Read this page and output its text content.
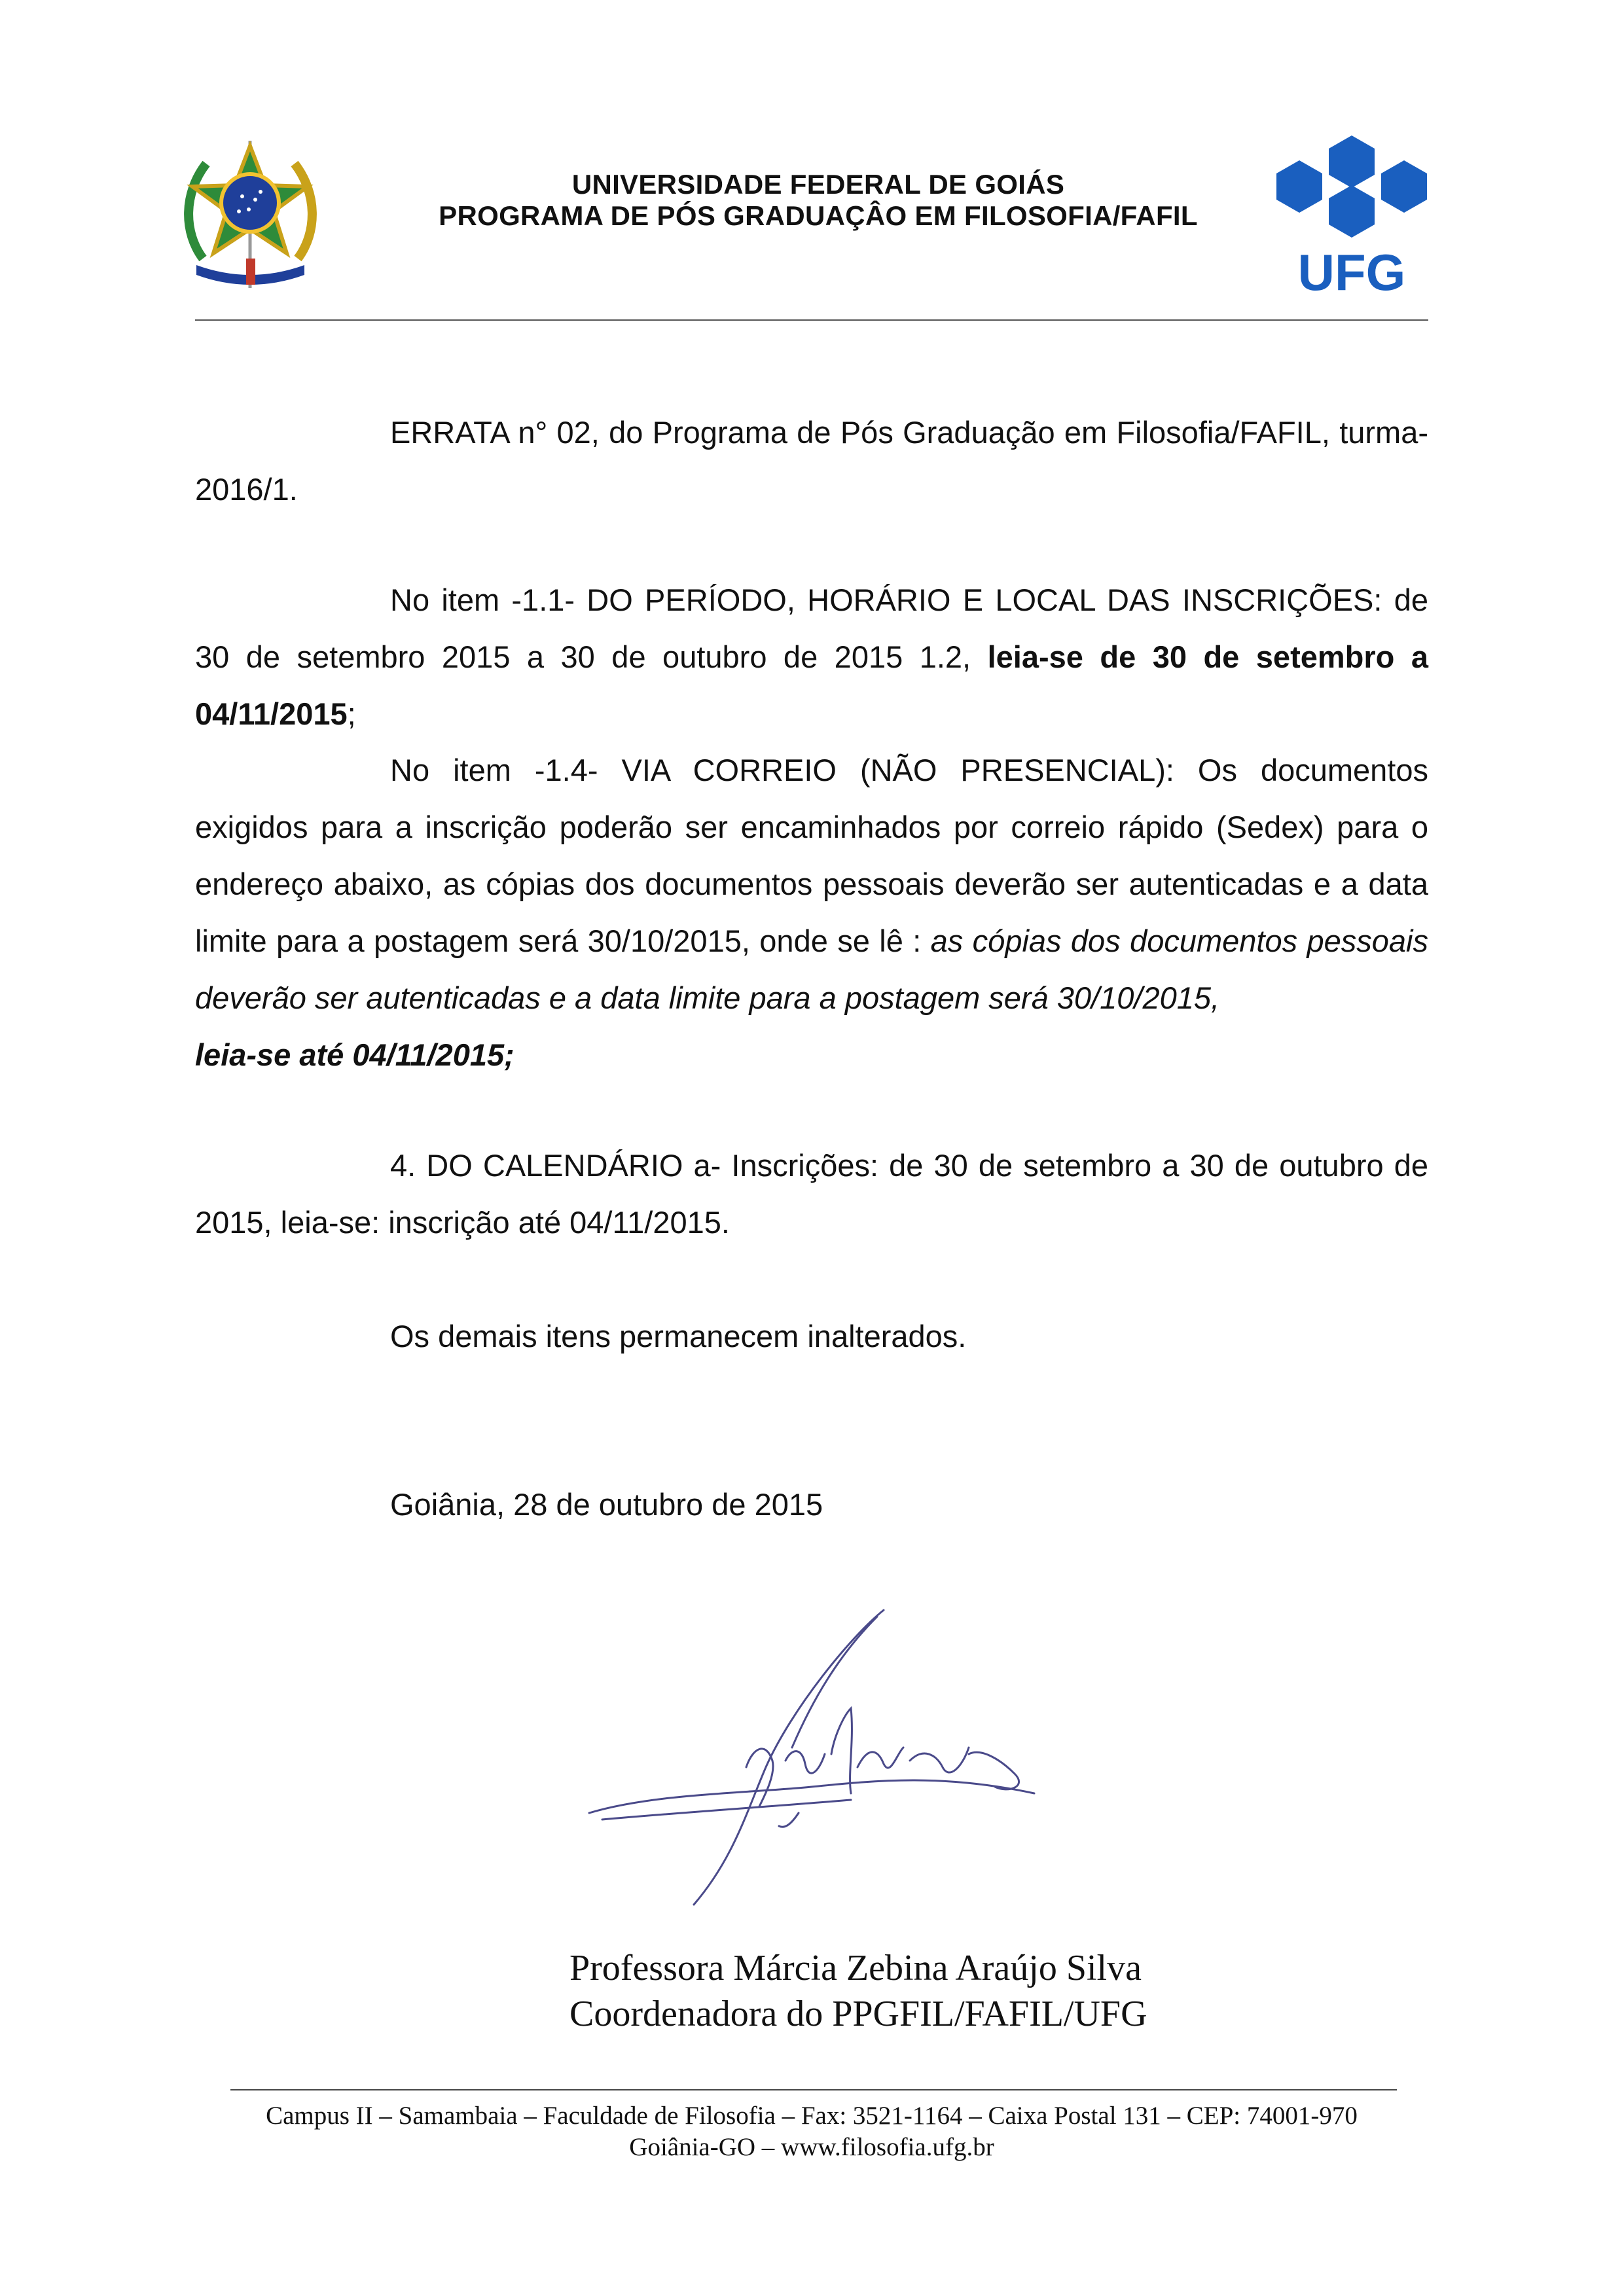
UNIVERSIDADE FEDERAL DE GOIÁS
PROGRAMA DE PÓS GRADUAÇÂO EM FILOSOFIA/FAFIL
UFG
ERRATA n° 02, do Programa de Pós Graduação em Filosofia/FAFIL, turma- 2016/1.
No item -1.1- DO PERÍODO, HORÁRIO E LOCAL DAS INSCRIÇÕES: de 30 de setembro 2015 a 30 de outubro de 2015 1.2, leia-se de 30 de setembro a 04/11/2015;
No item -1.4- VIA CORREIO (NÃO PRESENCIAL): Os documentos exigidos para a inscrição poderão ser encaminhados por correio rápido (Sedex) para o endereço abaixo, as cópias dos documentos pessoais deverão ser autenticadas e a data limite para a postagem será 30/10/2015, onde se lê : as cópias dos documentos pessoais deverão ser autenticadas e a data limite para a postagem será 30/10/2015,
leia-se até 04/11/2015;
4. DO CALENDÁRIO a- Inscrições: de 30 de setembro a 30 de outubro de 2015, leia-se: inscrição até 04/11/2015.
Os demais itens permanecem inalterados.
Goiânia, 28 de outubro de 2015
Professora Márcia Zebina Araújo Silva
Coordenadora do PPGFIL/FAFIL/UFG
Campus II – Samambaia – Faculdade de Filosofia – Fax: 3521-1164 – Caixa Postal 131 – CEP: 74001-970
Goiânia-GO – www.filosofia.ufg.br
